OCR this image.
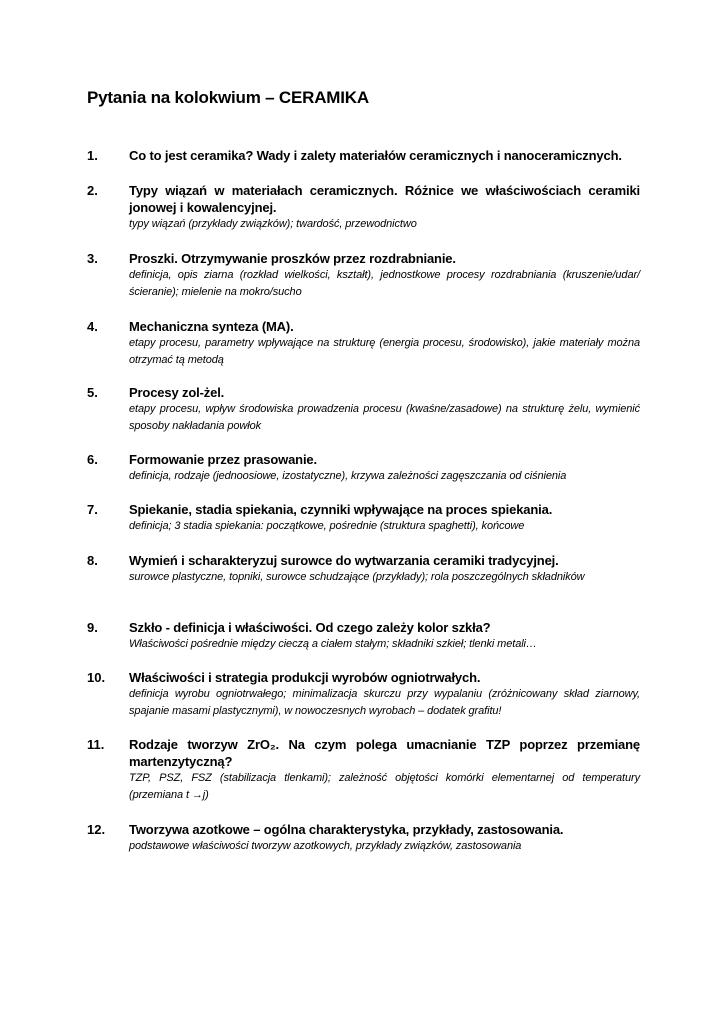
Pytania na kolokwium – CERAMIKA
1. Co to jest ceramika? Wady i zalety materiałów ceramicznych i nanoceramicznych.
2. Typy wiązań w materiałach ceramicznych. Różnice we właściwościach ceramiki jonowej i kowalencyjnej.
typy wiązań (przykłady związków); twardość, przewodnictwo
3. Proszki. Otrzymywanie proszków przez rozdrabnianie.
definicja, opis ziarna (rozkład wielkości, kształt), jednostkowe procesy rozdrabniania (kruszenie/udar/ścieranie); mielenie na mokro/sucho
4. Mechaniczna synteza (MA).
etapy procesu, parametry wpływające na strukturę (energia procesu, środowisko), jakie materiały można otrzymać tą metodą
5. Procesy zol-żel.
etapy procesu, wpływ środowiska prowadzenia procesu (kwaśne/zasadowe) na strukturę żelu, wymienić sposoby nakładania powłok
6. Formowanie przez prasowanie.
definicja, rodzaje (jednoosiowe, izostatyczne), krzywa zależności zagęszczania od ciśnienia
7. Spiekanie, stadia spiekania, czynniki wpływające na proces spiekania.
definicja; 3 stadia spiekania: początkowe, pośrednie (struktura spaghetti), końcowe
8. Wymień i scharakteryzuj surowce do wytwarzania ceramiki tradycyjnej.
surowce plastyczne, topniki, surowce schudzające (przykłady); rola poszczególnych składników
9. Szkło - definicja i właściwości. Od czego zależy kolor szkła?
Właściwości pośrednie między cieczą a ciałem stałym; składniki szkieł; tlenki metali…
10. Właściwości i strategia produkcji wyrobów ogniotrwałych.
definicja wyrobu ogniotrwałego; minimalizacja skurczu przy wypalaniu (zróżnicowany skład ziarnowy, spajanie masami plastycznymi), w nowoczesnych wyrobach – dodatek grafitu!
11. Rodzaje tworzyw ZrO₂. Na czym polega umacnianie TZP poprzez przemianę martenzytyczną?
TZP, PSZ, FSZ (stabilizacja tlenkami); zależność objętości komórki elementarnej od temperatury (przemiana t →j)
12. Tworzywa azotkowe – ogólna charakterystyka, przykłady, zastosowania.
podstawowe właściwości tworzyw azotkowych, przykłady związków, zastosowania
